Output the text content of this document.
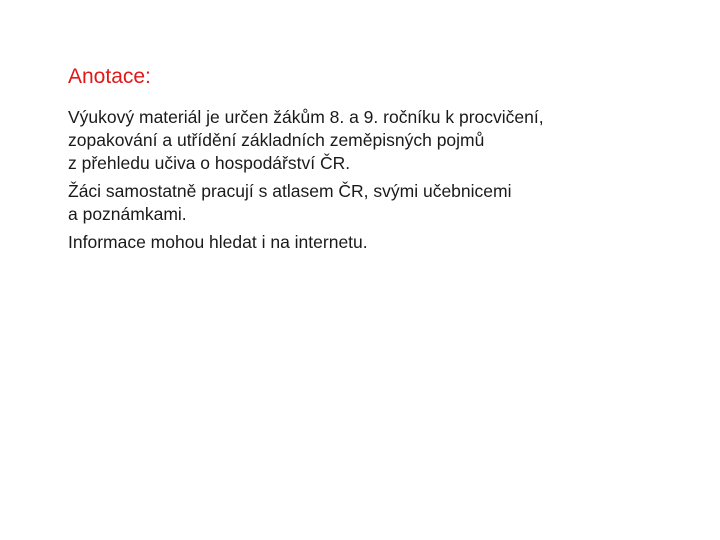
Anotace:
Výukový materiál je určen žákům 8. a 9. ročníku k procvičení,
zopakování a utřídění základních zeměpisných pojmů
z přehledu učiva o hospodářství ČR.
Žáci samostatně pracují s atlasem ČR, svými učebnicemi
a poznámkami.
Informace mohou hledat i na internetu.
